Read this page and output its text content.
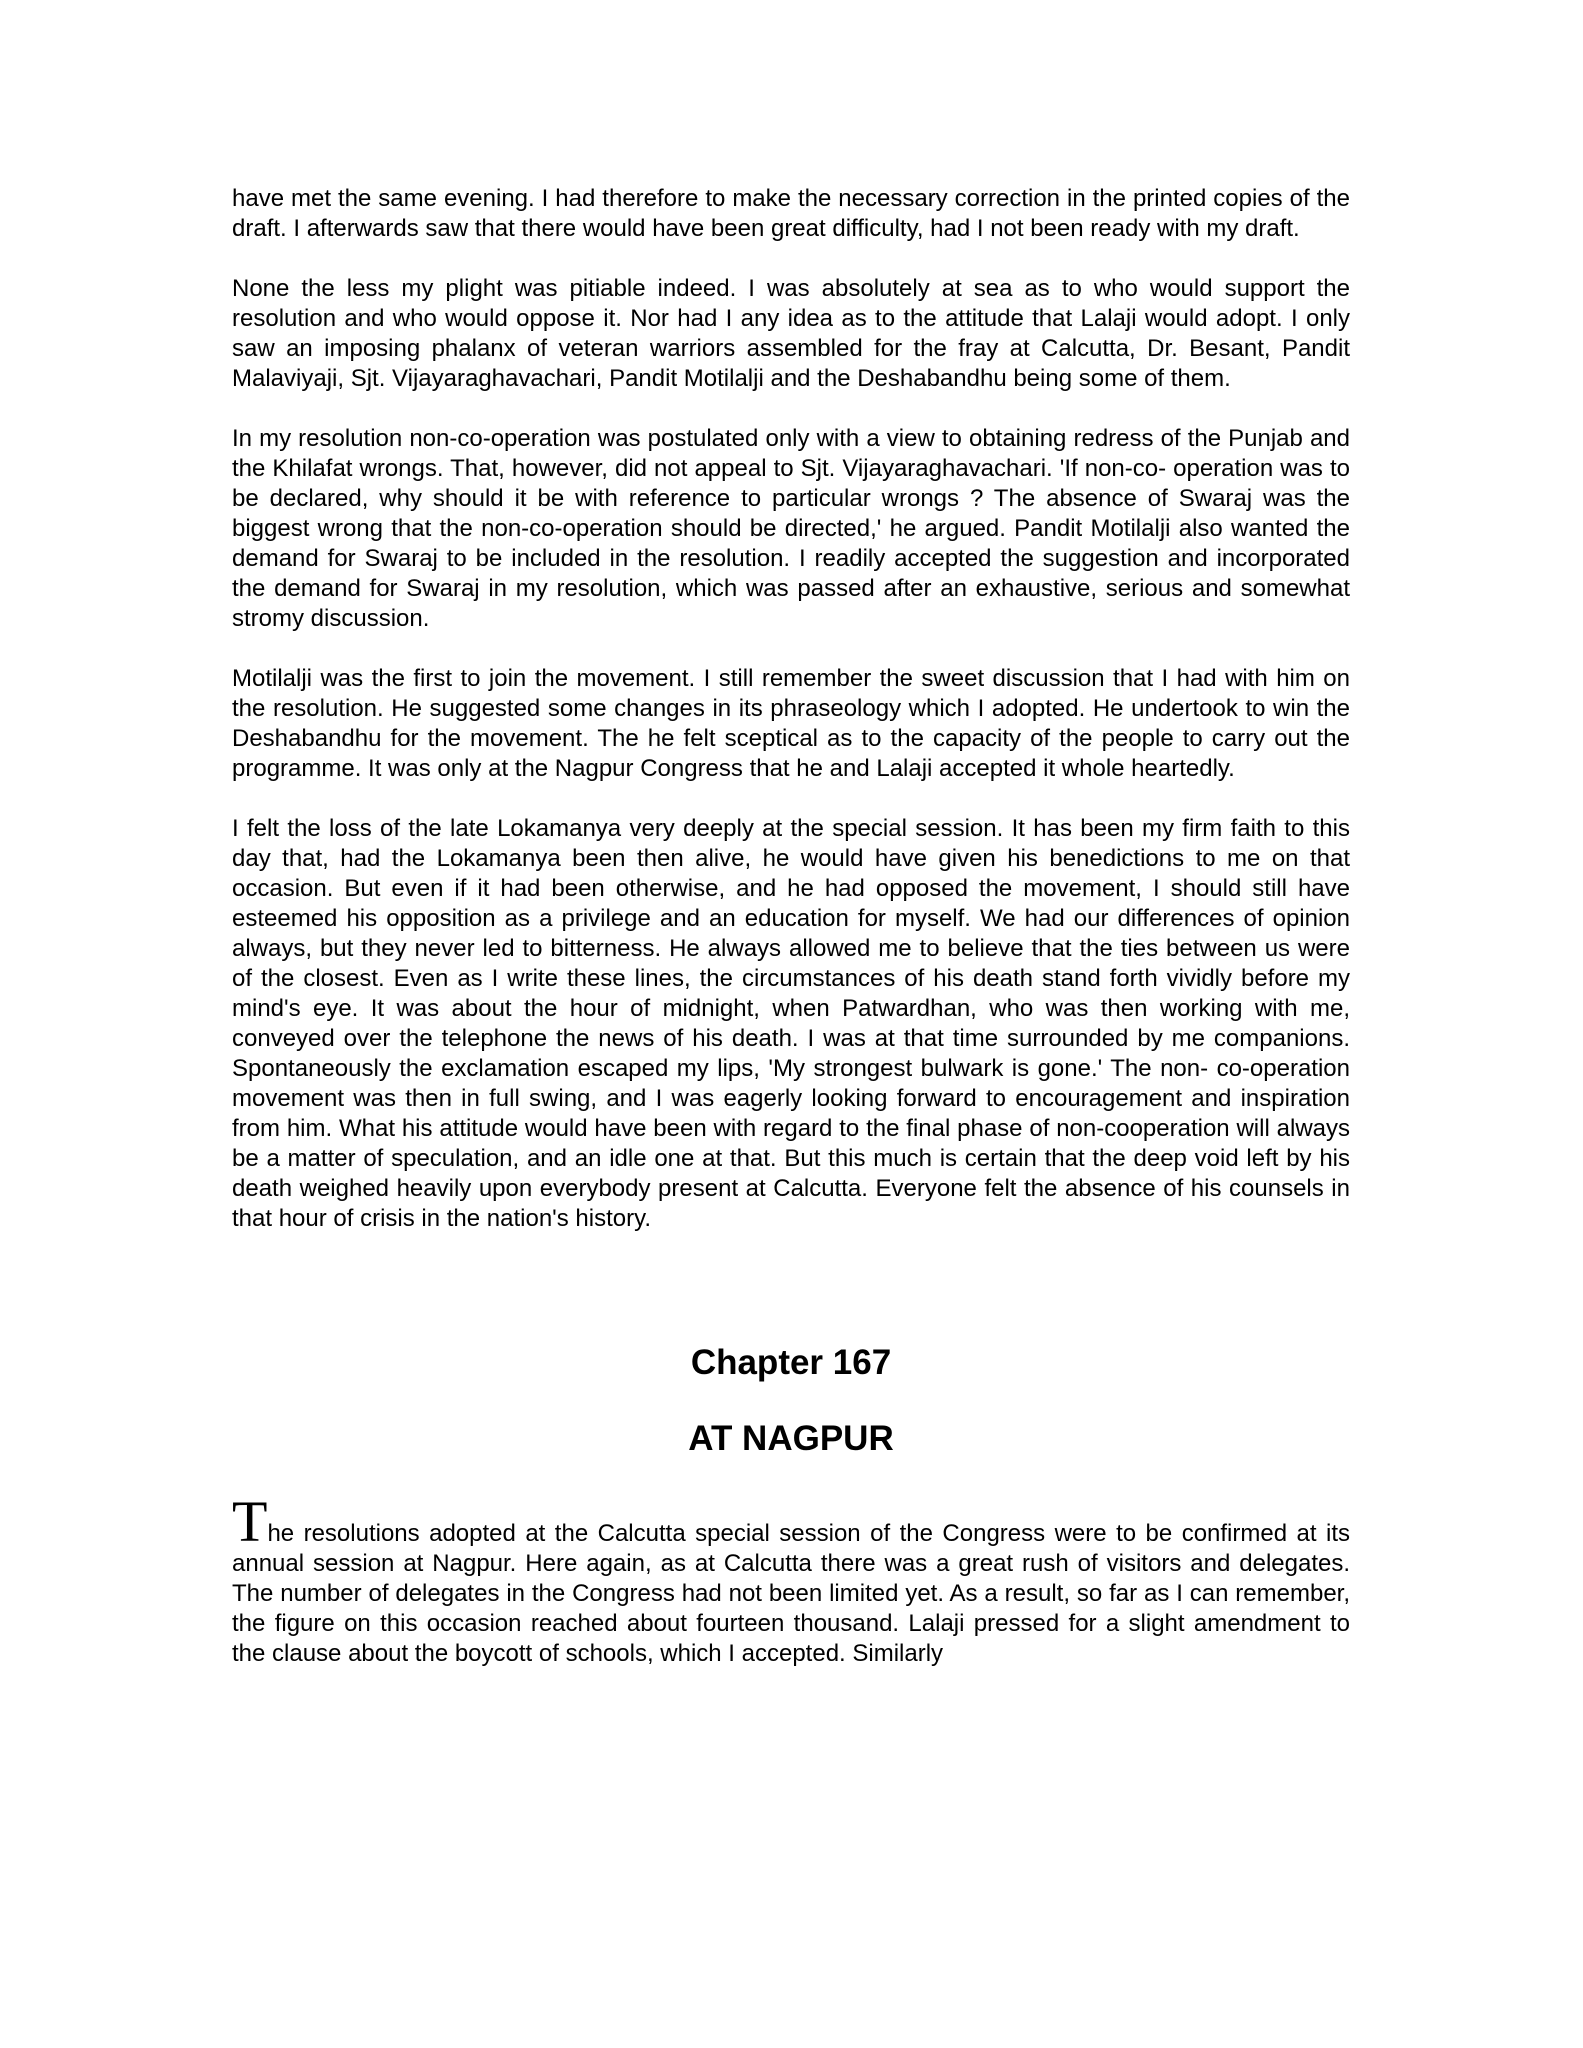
have met the same evening. I had therefore to make the necessary correction in the printed copies of the draft. I afterwards saw that there would have been great difficulty, had I not been ready with my draft.

None the less my plight was pitiable indeed. I was absolutely at sea as to who would support the resolution and who would oppose it. Nor had I any idea as to the attitude that Lalaji would adopt. I only saw an imposing phalanx of veteran warriors assembled for the fray at Calcutta, Dr. Besant, Pandit Malaviyaji, Sjt. Vijayaraghavachari, Pandit Motilalji and the Deshabandhu being some of them.

In my resolution non-co-operation was postulated only with a view to obtaining redress of the Punjab and the Khilafat wrongs. That, however, did not appeal to Sjt. Vijayaraghavachari. 'If non-co- operation was to be declared, why should it be with reference to particular wrongs ? The absence of Swaraj was the biggest wrong that the non-co-operation should be directed,' he argued. Pandit Motilalji also wanted the demand for Swaraj to be included in the resolution. I readily accepted the suggestion and incorporated the demand for Swaraj in my resolution, which was passed after an exhaustive, serious and somewhat stromy discussion.

Motilalji was the first to join the movement. I still remember the sweet discussion that I had with him on the resolution. He suggested some changes in its phraseology which I adopted. He undertook to win the Deshabandhu for the movement. The he felt sceptical as to the capacity of the people to carry out the programme. It was only at the Nagpur Congress that he and Lalaji accepted it whole heartedly.

I felt the loss of the late Lokamanya very deeply at the special session. It has been my firm faith to this day that, had the Lokamanya been then alive, he would have given his benedictions to me on that occasion. But even if it had been otherwise, and he had opposed the movement, I should still have esteemed his opposition as a privilege and an education for myself. We had our differences of opinion always, but they never led to bitterness. He always allowed me to believe that the ties between us were of the closest. Even as I write these lines, the circumstances of his death stand forth vividly before my mind's eye. It was about the hour of midnight, when Patwardhan, who was then working with me, conveyed over the telephone the news of his death. I was at that time surrounded by me companions. Spontaneously the exclamation escaped my lips, 'My strongest bulwark is gone.' The non- co-operation movement was then in full swing, and I was eagerly looking forward to encouragement and inspiration from him. What his attitude would have been with regard to the final phase of non-cooperation will always be a matter of speculation, and an idle one at that. But this much is certain that the deep void left by his death weighed heavily upon everybody present at Calcutta. Everyone felt the absence of his counsels in that hour of crisis in the nation's history.

Chapter 167
AT NAGPUR

The resolutions adopted at the Calcutta special session of the Congress were to be confirmed at its annual session at Nagpur. Here again, as at Calcutta there was a great rush of visitors and delegates. The number of delegates in the Congress had not been limited yet. As a result, so far as I can remember, the figure on this occasion reached about fourteen thousand. Lalaji pressed for a slight amendment to the clause about the boycott of schools, which I accepted. Similarly
